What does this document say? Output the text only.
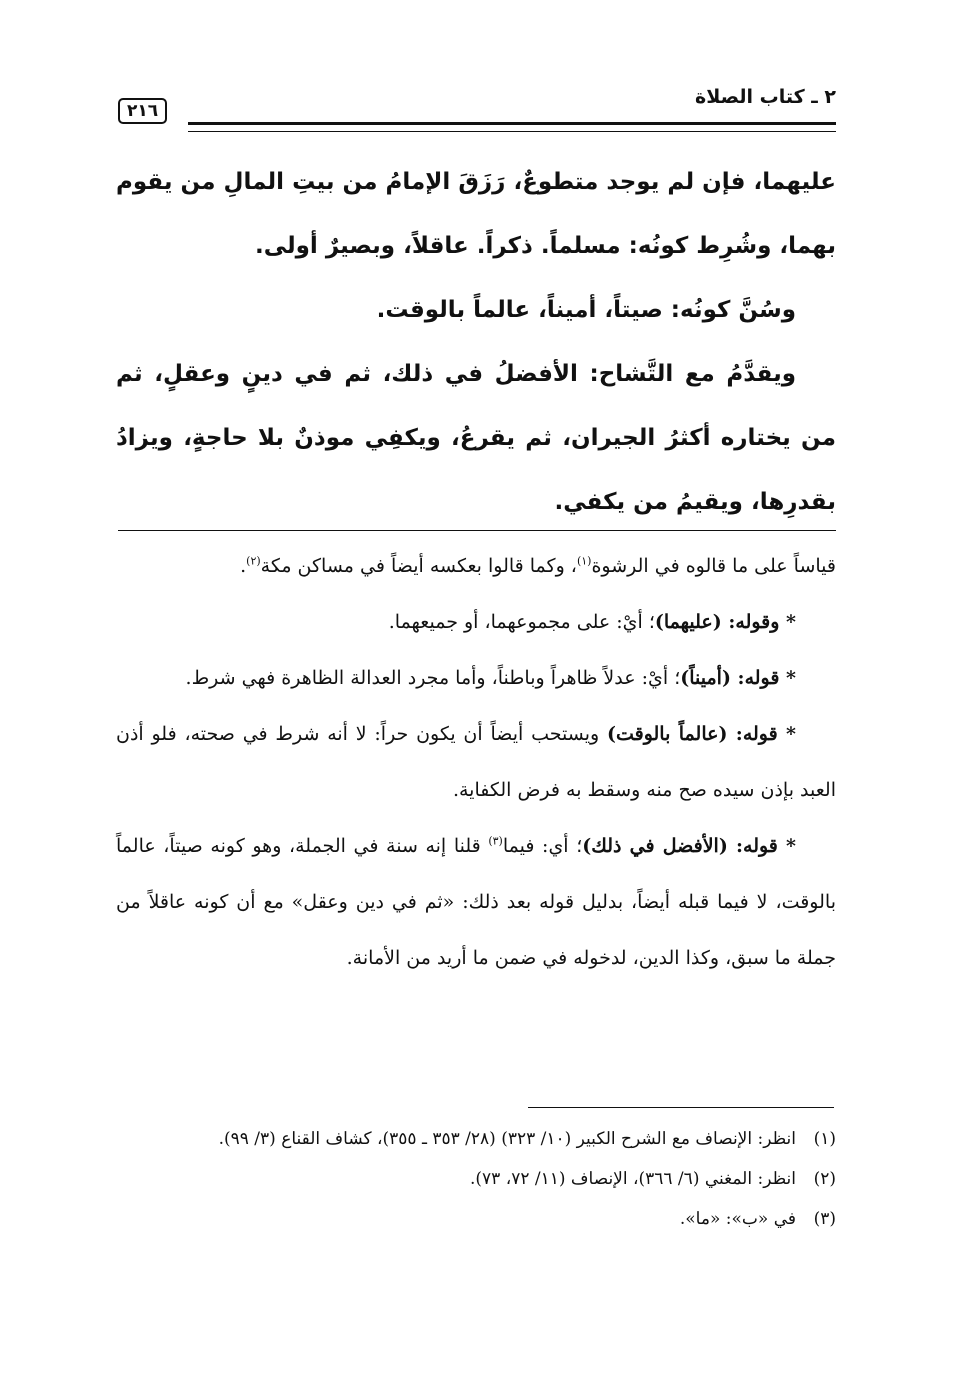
٢ ـ كتاب الصلاة
٢١٦

عليهما، فإن لم يوجد متطوعٌ، رَزَقَ الإمامُ من بيتِ المالِ من يقوم بهما، وشُرِط كونُه: مسلماً. ذكراً. عاقلاً، وبصيرٌ أولى.

وسُنَّ كونُه: صيتاً، أميناً، عالماً بالوقت.

ويقدَّمُ مع التَّشاح: الأفضلُ في ذلك، ثم في دينٍ وعقلٍ، ثم من يختاره أكثرُ الجيران، ثم يقرعُ، ويكفِي موذنٌ بلا حاجةٍ، ويزادُ بقدرِها، ويقيمُ من يكفي.

قياساً على ما قالوه في الرشوة$^{(١)}$، وكما قالوا بعكسه أيضاً في مساكن مكة$^{(٢)}$.

* وقوله: (عليهما)؛ أيْ: على مجموعهما، أو جميعهما.

* قوله: (أميناً)؛ أيْ: عدلاً ظاهراً وباطناً، وأما مجرد العدالة الظاهرة فهي شرط.

* قوله: (عالماً بالوقت) ويستحب أيضاً أن يكون حراً: لا أنه شرط في صحته، فلو أذن العبد بإذن سيده صح منه وسقط به فرض الكفاية.

* قوله: (الأفضل في ذلك)؛ أي: فيما$^{(٣)}$ قلنا إنه سنة في الجملة، وهو كونه صيتاً، عالماً بالوقت، لا فيما قبله أيضاً، بدليل قوله بعد ذلك: «ثم في دين وعقل» مع أن كونه عاقلاً من جملة ما سبق، وكذا الدين، لدخوله في ضمن ما أريد من الأمانة.

(١)انظر: الإنصاف مع الشرح الكبير (١٠/ ٣٢٣) (٢٨/ ٣٥٣ ـ ٣٥٥)، كشاف القناع (٣/ ٩٩).

(٢)انظر: المغني (٦/ ٣٦٦)، الإنصاف (١١/ ٧٢، ٧٣).

(٣)في «ب»: «ما».
